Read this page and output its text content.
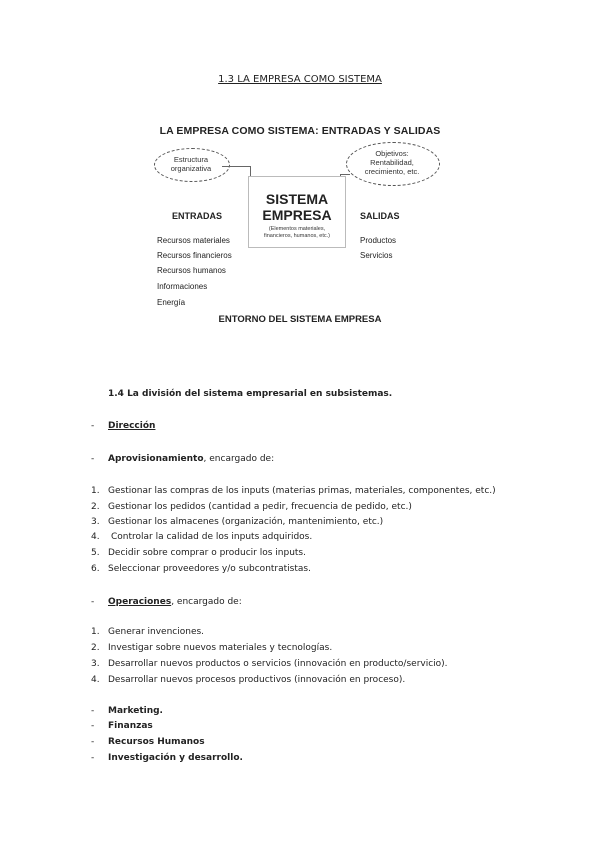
1.3 LA EMPRESA COMO SISTEMA
LA EMPRESA COMO SISTEMA: ENTRADAS Y SALIDAS
Estructura
organizativa
Objetivos:
Rentabilidad,
crecimiento, etc.
SISTEMA
EMPRESA
(Elementos materiales,
financieros, humanos, etc.)
ENTRADAS	SALIDAS
Recursos materiales
Recursos financieros
Recursos humanos
Informaciones
Energía
Productos
Servicios
ENTORNO DEL SISTEMA EMPRESA
1.4 La división del sistema empresarial en subsistemas.
- Dirección
- Aprovisionamiento, encargado de:
1. Gestionar las compras de los inputs (materias primas, materiales, componentes, etc.)
2. Gestionar los pedidos (cantidad a pedir, frecuencia de pedido, etc.)
3. Gestionar los almacenes (organización, mantenimiento, etc.)
4. Controlar la calidad de los inputs adquiridos.
5. Decidir sobre comprar o producir los inputs.
6. Seleccionar proveedores y/o subcontratistas.
- Operaciones, encargado de:
1. Generar invenciones.
2. Investigar sobre nuevos materiales y tecnologías.
3. Desarrollar nuevos productos o servicios (innovación en producto/servicio).
4. Desarrollar nuevos procesos productivos (innovación en proceso).
- Marketing.
- Finanzas
- Recursos Humanos
- Investigación y desarrollo.
